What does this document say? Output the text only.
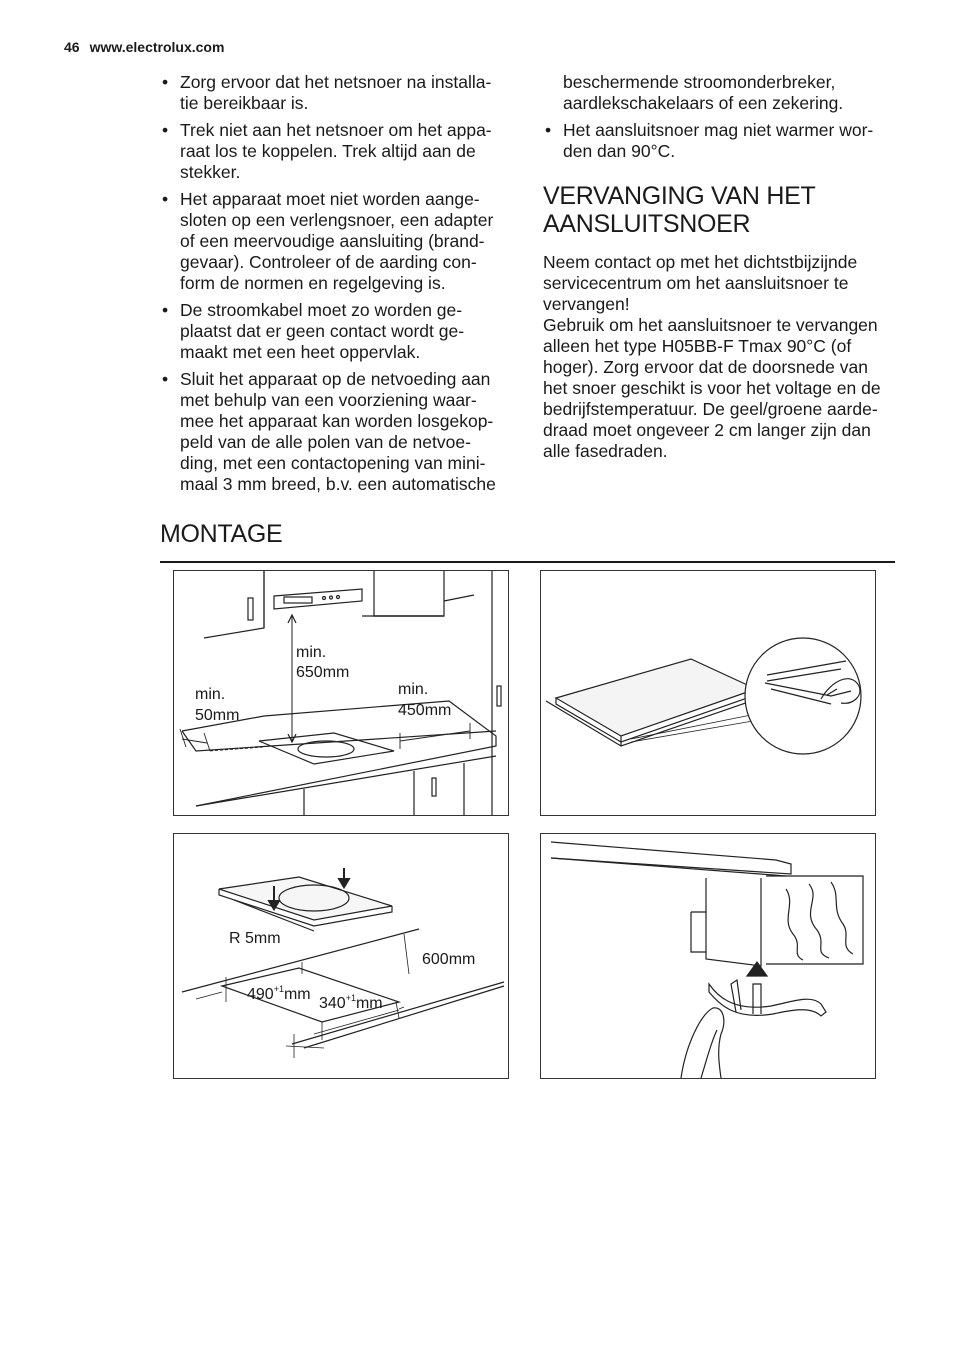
46 www.electrolux.com
• Zorg ervoor dat het netsnoer na installa-
tie bereikbaar is.
• Trek niet aan het netsnoer om het appa-
raat los te koppelen. Trek altijd aan de
stekker.
• Het apparaat moet niet worden aange-
sloten op een verlengsnoer, een adapter
of een meervoudige aansluiting (brand-
gevaar). Controleer of de aarding con-
form de normen en regelgeving is.
• De stroomkabel moet zo worden ge-
plaatst dat er geen contact wordt ge-
maakt met een heet oppervlak.
• Sluit het apparaat op de netvoeding aan
met behulp van een voorziening waar-
mee het apparaat kan worden losgekop-
peld van de alle polen van de netvoe-
ding, met een contactopening van mini-
maal 3 mm breed, b.v. een automatische
beschermende stroomonderbreker,
aardlekschakelaars of een zekering.
• Het aansluitsnoer mag niet warmer wor-
den dan 90°C.
VERVANGING VAN HET
AANSLUITSNOER

Neem contact op met het dichtstbijzijnde
servicecentrum om het aansluitsnoer te
vervangen!
Gebruik om het aansluitsnoer te vervangen
alleen het type H05BB-F Tmax 90°C (of
hoger). Zorg ervoor dat de doorsnede van
het snoer geschikt is voor het voltage en de
bedrijfstemperatuur. De geel/groene aarde-
draad moet ongeveer 2 cm langer zijn dan
alle fasedraden.

MONTAGE
min.
650mm
min.
50mm
min.
450mm
R 5mm
600mm
$490^{+1}mm$
$340^{+1}mm$
